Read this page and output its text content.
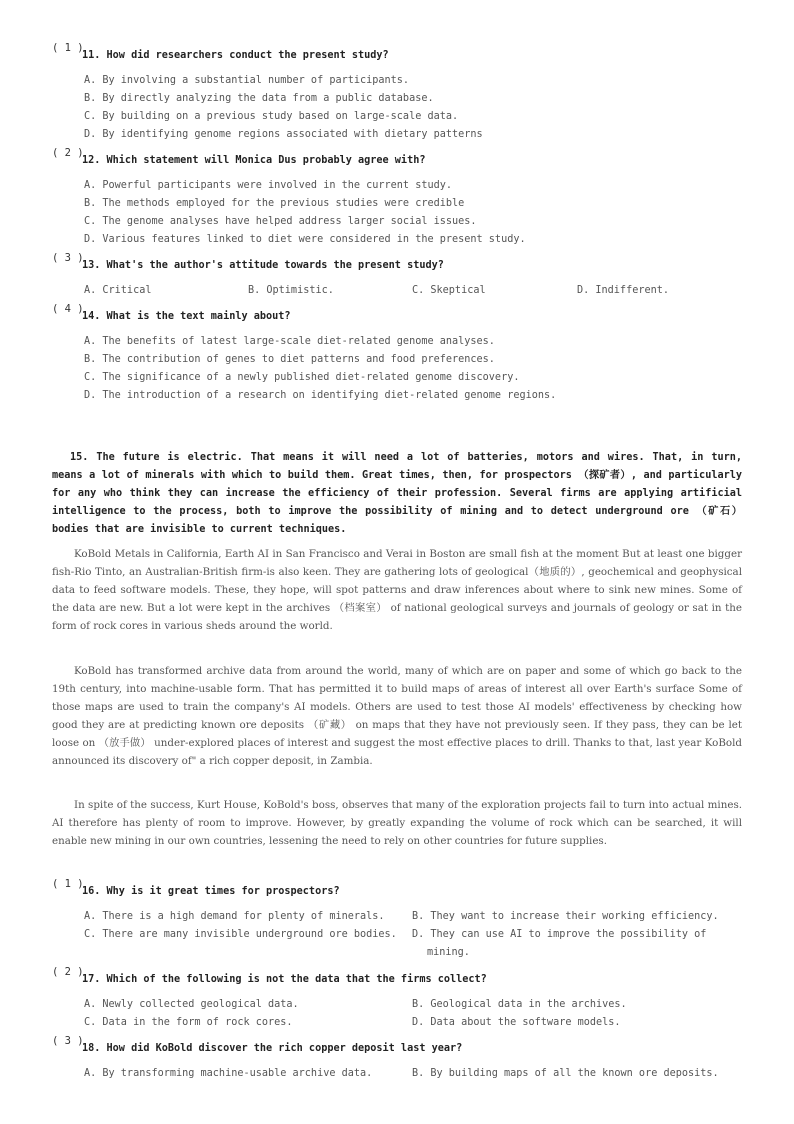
( 1 )
11. How did researchers conduct the present study?
A. By involving a substantial number of participants.
B. By directly analyzing the data from a public database.
C. By building on a previous study based on large-scale data.
D. By identifying genome regions associated with dietary patterns
( 2 )
12. Which statement will Monica Dus probably agree with?
A. Powerful participants were involved in the current study.
B. The methods employed for the previous studies were credible
C. The genome analyses have helped address larger social issues.
D. Various features linked to diet were considered in the present study.
( 3 )
13. What's the author's attitude towards the present study?
A. Critical	B. Optimistic.	C. Skeptical	D. Indifferent.
( 4 )
14. What is the text mainly about?
A. The benefits of latest large-scale diet-related genome analyses.
B. The contribution of genes to diet patterns and food preferences.
C. The significance of a newly published diet-related genome discovery.
D. The introduction of a research on identifying diet-related genome regions.

15. The future is electric. That means it will need a lot of batteries, motors and wires. That, in turn, means a lot of minerals with which to build them. Great times, then, for prospectors （探矿者）, and particularly for any who think they can increase the efficiency of their profession. Several firms are applying artificial intelligence to the process, both to improve the possibility of mining and to detect underground ore （矿石） bodies that are invisible to current techniques.

KoBold Metals in California, Earth AI in San Francisco and Verai in Boston are small fish at the moment But at least one bigger fish-Rio Tinto, an Australian-British firm-is also keen. They are gathering lots of geological（地质的）, geochemical and geophysical data to feed software models. These, they hope, will spot patterns and draw inferences about where to sink new mines. Some of the data are new. But a lot were kept in the archives （档案室） of national geological surveys and journals of geology or sat in the form of rock cores in various sheds around the world.

KoBold has transformed archive data from around the world, many of which are on paper and some of which go back to the 19th century, into machine-usable form. That has permitted it to build maps of areas of interest all over Earth's surface Some of those maps are used to train the company's AI models. Others are used to test those AI models' effectiveness by checking how good they are at predicting known ore deposits （矿藏） on maps that they have not previously seen. If they pass, they can be let loose on （放手做） under-explored places of interest and suggest the most effective places to drill. Thanks to that, last year KoBold announced its discovery of" a rich copper deposit, in Zambia.

In spite of the success, Kurt House, KoBold's boss, observes that many of the exploration projects fail to turn into actual mines. AI therefore has plenty of room to improve. However, by greatly expanding the volume of rock which can be searched, it will enable new mining in our own countries, lessening the need to rely on other countries for future supplies.

( 1 )
16. Why is it great times for prospectors?
A. There is a high demand for plenty of minerals.	B. They want to increase their working efficiency.
C. There are many invisible underground ore bodies. D. They can use AI to improve the possibility of
mining.
( 2 )
17. Which of the following is not the data that the firms collect?
A. Newly collected geological data.	B. Geological data in the archives.
C. Data in the form of rock cores.	D. Data about the software models.
( 3 )
18. How did KoBold discover the rich copper deposit last year?
A. By transforming machine-usable archive data.	B. By building maps of all the known ore deposits.
